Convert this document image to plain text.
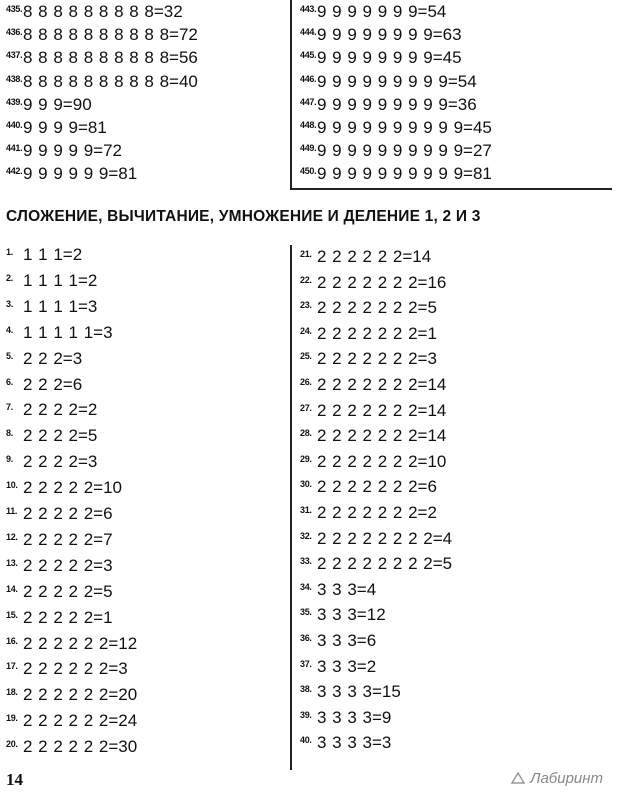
435. 8 8 8 8 8 8 8 8 8=32
436. 8 8 8 8 8 8 8 8 8 8=72
437. 8 8 8 8 8 8 8 8 8 8=56
438. 8 8 8 8 8 8 8 8 8 8=40
439. 9 9 9=90
440. 9 9 9 9=81
441. 9 9 9 9 9=72
442. 9 9 9 9 9 9=81
443. 9 9 9 9 9 9 9=54
444. 9 9 9 9 9 9 9 9=63
445. 9 9 9 9 9 9 9 9=45
446. 9 9 9 9 9 9 9 9 9=54
447. 9 9 9 9 9 9 9 9 9=36
448. 9 9 9 9 9 9 9 9 9 9=45
449. 9 9 9 9 9 9 9 9 9 9=27
450. 9 9 9 9 9 9 9 9 9 9=81
СЛОЖЕНИЕ, ВЫЧИТАНИЕ, УМНОЖЕНИЕ И ДЕЛЕНИЕ 1, 2 И 3
1. 1 1 1=2
2. 1 1 1 1=2
3. 1 1 1 1=3
4. 1 1 1 1 1=3
5. 2 2 2=3
6. 2 2 2=6
7. 2 2 2 2=2
8. 2 2 2 2=5
9. 2 2 2 2=3
10. 2 2 2 2 2=10
11. 2 2 2 2 2=6
12. 2 2 2 2 2=7
13. 2 2 2 2 2=3
14. 2 2 2 2 2=5
15. 2 2 2 2 2=1
16. 2 2 2 2 2 2=12
17. 2 2 2 2 2 2=3
18. 2 2 2 2 2 2=20
19. 2 2 2 2 2 2=24
20. 2 2 2 2 2 2=30
21. 2 2 2 2 2 2=14
22. 2 2 2 2 2 2 2=16
23. 2 2 2 2 2 2 2=5
24. 2 2 2 2 2 2 2=1
25. 2 2 2 2 2 2 2=3
26. 2 2 2 2 2 2 2=14
27. 2 2 2 2 2 2 2=14
28. 2 2 2 2 2 2 2=14
29. 2 2 2 2 2 2 2=10
30. 2 2 2 2 2 2 2=6
31. 2 2 2 2 2 2 2=2
32. 2 2 2 2 2 2 2 2=4
33. 2 2 2 2 2 2 2 2=5
34. 3 3 3=4
35. 3 3 3=12
36. 3 3 3=6
37. 3 3 3=2
38. 3 3 3 3=15
39. 3 3 3 3=9
40. 3 3 3 3=3
14	Лабиринт
